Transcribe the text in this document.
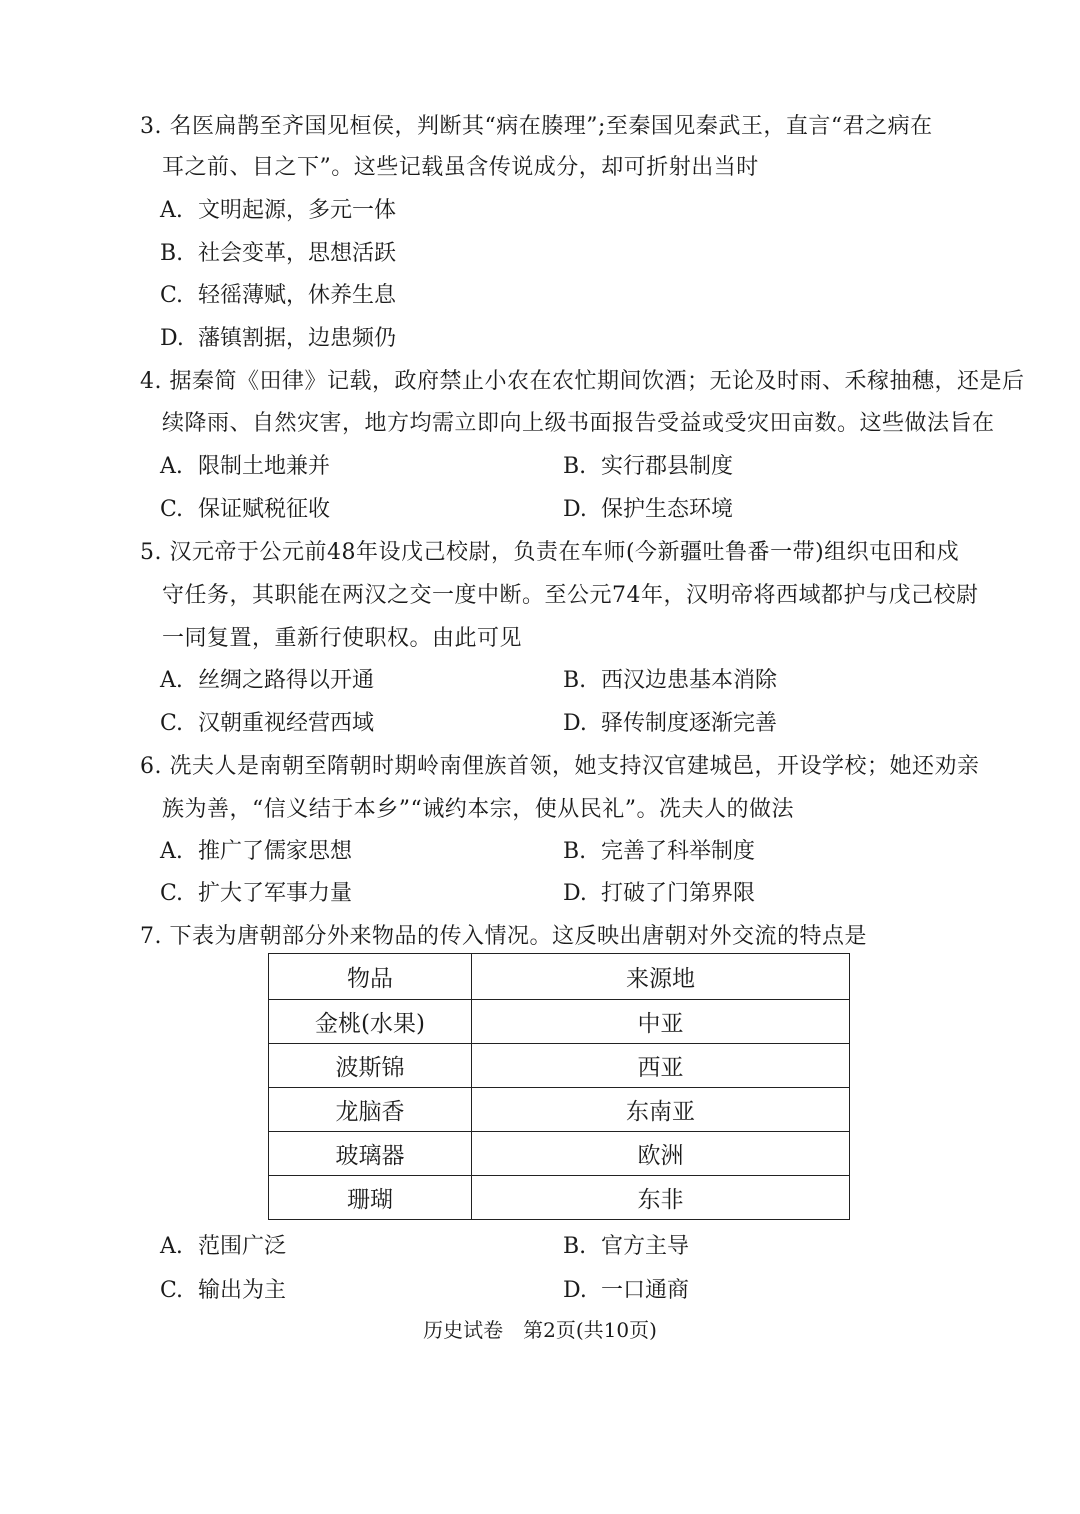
3. 名医扁鹊至齐国见桓侯，判断其“病在腠理”;至秦国见秦武王，直言“君之病在
耳之前、目之下”。这些记载虽含传说成分，却可折射出当时
A. 文明起源，多元一体
B. 社会变革，思想活跃
C. 轻徭薄赋，休养生息
D. 藩镇割据，边患频仍
4. 据秦简《田律》记载，政府禁止小农在农忙期间饮酒；无论及时雨、禾稼抽穗，还是后
续降雨、自然灾害，地方均需立即向上级书面报告受益或受灾田亩数。这些做法旨在
A. 限制土地兼并	B. 实行郡县制度
C. 保证赋税征收	D. 保护生态环境
5. 汉元帝于公元前48年设戊己校尉，负责在车师(今新疆吐鲁番一带)组织屯田和戍
守任务，其职能在两汉之交一度中断。至公元74年，汉明帝将西域都护与戊己校尉
一同复置，重新行使职权。由此可见
A. 丝绸之路得以开通	B. 西汉边患基本消除
C. 汉朝重视经营西域	D. 驿传制度逐渐完善
6. 冼夫人是南朝至隋朝时期岭南俚族首领，她支持汉官建城邑，开设学校；她还劝亲
族为善，“信义结于本乡”“诫约本宗，使从民礼”。冼夫人的做法
A. 推广了儒家思想	B. 完善了科举制度
C. 扩大了军事力量	D. 打破了门第界限
7. 下表为唐朝部分外来物品的传入情况。这反映出唐朝对外交流的特点是
物品	来源地
金桃(水果)	中亚
波斯锦	西亚
龙脑香	东南亚
玻璃器	欧洲
珊瑚	东非
A. 范围广泛	B. 官方主导
C. 输出为主	D. 一口通商
历史试卷　第2页(共10页)
